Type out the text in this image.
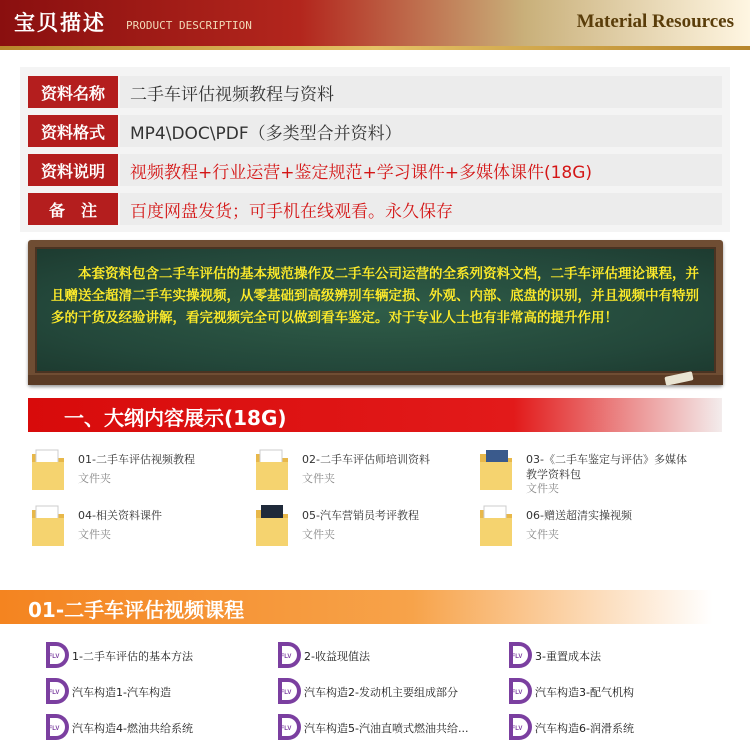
宝贝描述 PRODUCT DESCRIPTION	Material Resources
资料名称	二手车评估视频教程与资料
资料格式	MP4\DOC\PDF（多类型合并资料）
资料说明	视频教程+行业运营+鉴定规范+学习课件+多媒体课件(18G)
备　注	百度网盘发货；可手机在线观看。永久保存
本套资料包含二手车评估的基本规范操作及二手车公司运营的全系列资料文档，二手车评估理论课程，并且赠送全超清二手车实操视频，从零基础到高级辨别车辆定损、外观、内部、底盘的识别，并且视频中有特别多的干货及经验讲解，看完视频完全可以做到看车鉴定。对于专业人士也有非常高的提升作用！
一、大纲内容展示(18G)
01-二手车评估视频教程
文件夹
02-二手车评估师培训资料
文件夹
03-《二手车鉴定与评估》多媒体教学资料包
文件夹
04-相关资料课件
文件夹
05-汽车营销员考评教程
文件夹
06-赠送超清实操视频
文件夹
01-二手车评估视频课程
FLV 1-二手车评估的基本方法	FLV 2-收益现值法	FLV 3-重置成本法
FLV 汽车构造1-汽车构造	FLV 汽车构造2-发动机主要组成部分	FLV 汽车构造3-配气机构
FLV 汽车构造4-燃油共给系统	FLV 汽车构造5-汽油直喷式燃油共给...	FLV 汽车构造6-润滑系统
